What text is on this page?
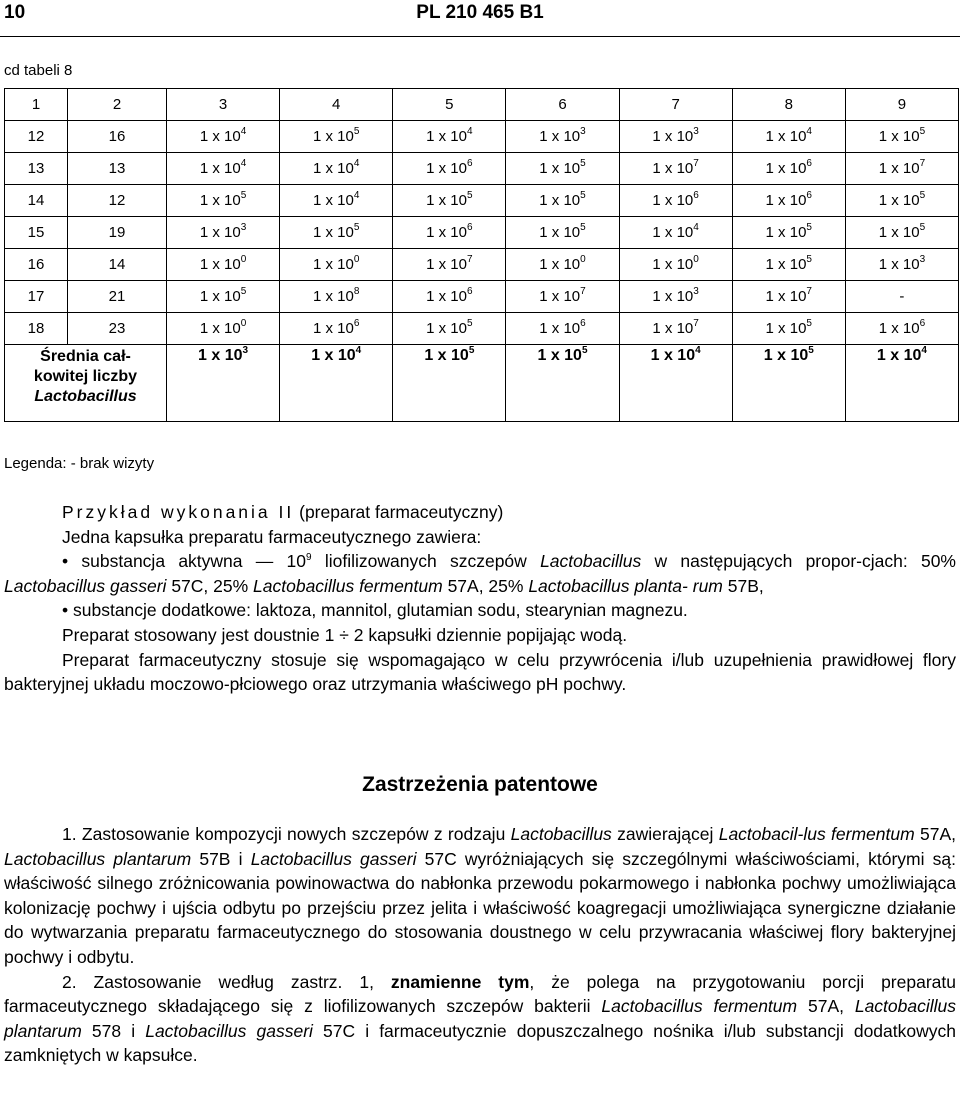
10	PL 210 465 B1
cd tabeli 8
1	2	3	4	5	6	7	8	9
12	16	1 x $10^4$	1 x $10^5$	1 x $10^4$	1 x $10^3$	1 x $10^3$	1 x $10^4$	1 x $10^5$
13	13	1 x $10^4$	1 x $10^4$	1 x $10^6$	1 x $10^5$	1 x $10^7$	1 x $10^6$	1 x $10^7$
14	12	1 x $10^5$	1 x $10^4$	1 x $10^5$	1 x $10^5$	1 x $10^6$	1 x $10^6$	1 x $10^5$
15	19	1 x $10^3$	1 x $10^5$	1 x $10^6$	1 x $10^5$	1 x $10^4$	1 x $10^5$	1 x $10^5$
16	14	1 x $10^0$	1 x $10^0$	1 x $10^7$	1 x $10^0$	1 x $10^0$	1 x $10^5$	1 x $10^3$
17	21	1 x $10^5$	1 x $10^8$	1 x $10^6$	1 x $10^7$	1 x $10^3$	1 x $10^7$	-
18	23	1 x $10^0$	1 x $10^6$	1 x $10^5$	1 x $10^6$	1 x $10^7$	1 x $10^5$	1 x $10^6$
Średnia cał-
kowitej liczby
Lactobacillus		1 x $10^3$	1 x $10^4$	1 x $10^5$	1 x $10^5$	1 x $10^4$	1 x $10^5$	1 x $10^4$
Legenda: - brak wizyty

Przykład wykonania II (preparat farmaceutyczny)

Jedna kapsułka preparatu farmaceutycznego zawiera:

• substancja aktywna — $10^9$ liofilizowanych szczepów Lactobacillus w następujących propor-cjach: 50% Lactobacillus gasseri 57C, 25% Lactobacillus fermentum 57A, 25% Lactobacillus planta- rum 57B,

• substancje dodatkowe: laktoza, mannitol, glutamian sodu, stearynian magnezu.

Preparat stosowany jest doustnie 1 ÷ 2 kapsułki dziennie popijając wodą.

Preparat farmaceutyczny stosuje się wspomagająco w celu przywrócenia i/lub uzupełnienia prawidłowej flory bakteryjnej układu moczowo-płciowego oraz utrzymania właściwego pH pochwy.

Zastrzeżenia patentowe

1. Zastosowanie kompozycji nowych szczepów z rodzaju Lactobacillus zawierającej Lactobacil-lus fermentum 57A, Lactobacillus plantarum 57B i Lactobacillus gasseri 57C wyróżniających się szczególnymi właściwościami, którymi są: właściwość silnego zróżnicowania powinowactwa do nabłonka przewodu pokarmowego i nabłonka pochwy umożliwiająca kolonizację pochwy i ujścia odbytu po przejściu przez jelita i właściwość koagregacji umożliwiająca synergiczne działanie do wytwarzania preparatu farmaceutycznego do stosowania doustnego w celu przywracania właściwej flory bakteryjnej pochwy i odbytu.

2. Zastosowanie według zastrz. 1, znamienne tym, że polega na przygotowaniu porcji preparatu farmaceutycznego składającego się z liofilizowanych szczepów bakterii Lactobacillus fermentum 57A, Lactobacillus plantarum 578 i Lactobacillus gasseri 57C i farmaceutycznie dopuszczalnego nośnika i/lub substancji dodatkowych zamkniętych w kapsułce.
